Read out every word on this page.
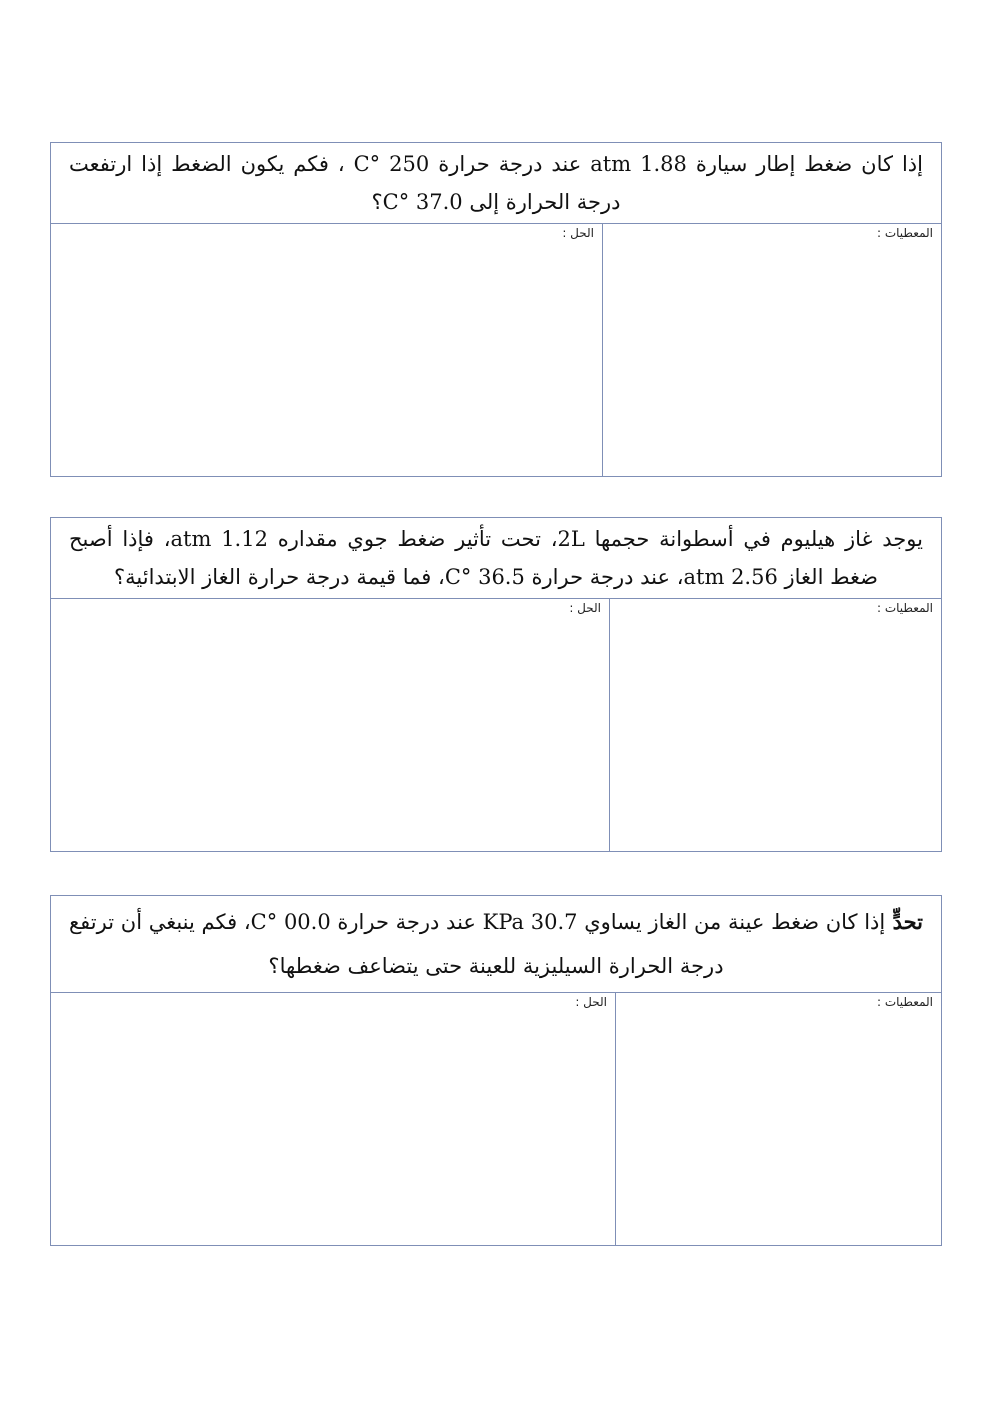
إذا كان ضغط إطار سيارة 1.88 atm عند درجة حرارة 250 °C ، فكم يكون الضغط إذا ارتفعت درجة الحرارة إلى 37.0 °C؟
المعطيات :
الحل :
يوجد غاز هيليوم في أسطوانة حجمها 2L، تحت تأثير ضغط جوي مقداره 1.12 atm، فإذا أصبح ضغط الغاز 2.56 atm، عند درجة حرارة 36.5 °C، فما قيمة درجة حرارة الغاز الابتدائية؟
المعطيات :
الحل :
تحدٍّ إذا كان ضغط عينة من الغاز يساوي 30.7 KPa عند درجة حرارة 00.0 °C، فكم ينبغي أن ترتفع درجة الحرارة السيليزية للعينة حتى يتضاعف ضغطها؟
المعطيات :
الحل :
